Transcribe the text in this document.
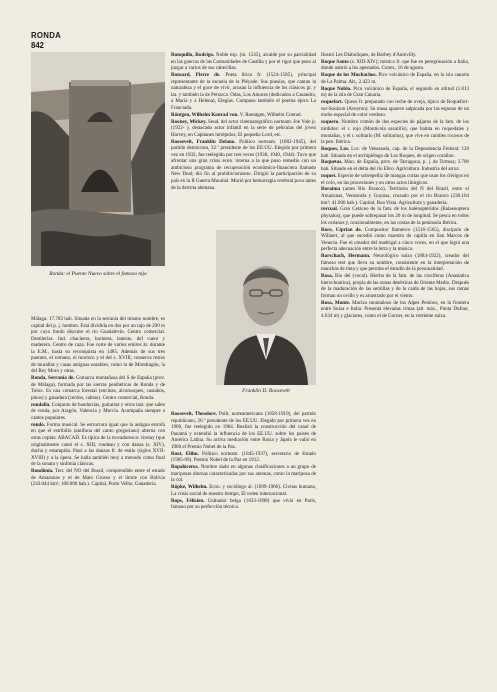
RONDA
842
Ronda: el Puente Nuevo sobre el famoso tajo

Málaga: 17.703 hab. Situada en la serranía del mismo nombre, es capital del p. j. hombm. Está dividida en dos por un tajo de 200 m por cuyo fondo discurre el río Guadalevín. Centro comercial. Destilerías. Ind. chacinera, harinera, laneras, del cuero y maderera. Centro de caza. Fue corte de varios emires ár. durante la E.M., hasta su reconquista en 1485. Además de sus tres puentes, el romano, el morisco y el del s. XVIII, conserva restos de murallas y casas antiguas notables, como la de Mondragón, la del Rey Moro y otras.

Ronda, Serranía de. Comarca montañosa del S de España (prov. de Málaga), formada por las sierras penibéticas de Ronda y de Tolox. Es una comarca forestal (encinas, alcornoques, castaños, pinos) y ganadera (cerdos, cabras). Centro comercial, Ronda.

rondalla. Conjunto de bandurrias, guitarras y otros inst. que salen de ronda, por Aragón, Valencia y Murcia. Acompaña siempre a cantos populares.

rondó. Forma musical. Se estructura igual que la antigua estrofa en que el estribillo (antífona del canto gregoriano) alterna con otras coplas: ABACAD. Es típica de la trovadoresca: virelay (que originalmente cantó el s. XIII, rondeau y con danza (s. XIV), ducha y estampida. Pasó a las danzas fr. de estilo (siglos XVII-XVIII) y a la ópera. Se halla también muy a menudo como final de la sonata y sinfonía clásicas.

Rondônia. Terr. del NO del Brasil, comprendido entre el estado de Amazonas y el de Mato Grosso y el límite con Bolivia (243.044 km²; 100.000 hab.). Capital, Porto Velho. Ganadería.

Ronquillo, Rodrigo. Noble esp. (m. 1545), alcalde por su parcialidad en las guerras de las Comunidades de Castilla y por el rigor que puso al juzgar a varios de sus cabecillas.

Ronsard, Pierre de. Poeta lírico fr. (1524-1585), principal representante de la escuela de la Pléyade. Sus poesías, que cantan la naturaleza y el goce de vivir, acusan la influencia de los clásicos gr. y lat. y también la de Petrarca. Odas, Los Amores (dedicados a Casandra, a María y a Helena), Elegías. Compuso también el poema épico La Franciada.

Röntgen, Wilhelm Konrad von. V. Roentgen, Wilhelm Conrad.

Rooney, Mickey. Seud. del actor cinematográfico norteam. Joe Yule jr. (1922- ), destacado actor infantil en la serie de películas del joven Harvey, en Capitanes intrépidos, El pequeño Lord, etc.

Roosevelt, Franklin Delano. Político norteam. (1882-1945), del partido demócrata, 32.º presidente de los EE.UU. Elegido por primera vez en 1932, fue reelegido por tres veces (1936, 1940, 1944). Tuvo que afrontar una gran crisis econ. interna a la que puso remedio con un ambicioso programa de recuperación económico-financiera llamado New Deal; dio fin al prohibicionismo. Dirigió la participación de su país en la II Guerra Mundial. Murió por hemorragia cerebral poco antes de la derrota alemana.

Franklin D. Roosevelt

Roosevelt, Theodore. Polít. norteamericano (1858-1919), del partido republicano, 26.º presidente de los EE.UU. Elegido por primera vez en 1900, fue reelegido en 1904. Realizó la construcción del canal de Panamá y extendió la influencia de los EE.UU. sobre los países de América Latina. Su activa mediación entre Rusia y Japón le valió en 1906 el Premio Nobel de la Paz.

Root, Elihu. Político norteam. (1845-1937), secretario de Estado (1905-09). Premio Nobel de la Paz en 1912.

Ropalóceros. Nombre dado en algunas clasificaciones a un grupo de mariposas diurnas caracterizadas por sus antenas, como la mariposa de la col.

Röpke, Wilhelm. Econ. y sociólogo al. (1899-1966). Civitas humana, La crisis social de nuestro tiempo, El orden internacional.

Rops, Félicien. Grabador belga (1833-1898) que vivió en París, famoso por su perfección técnica.

Ilustró Les Diaboliques, de Barbey d'Aurevilly.

Roque Santo (s. XIII-XIV); místico fr. que fue en peregrinación a Italia, donde asistió a los apestados. Conm., 16 de agosto.

Roque de los Muchachos. Pico volcánico de España, en la isla canaria de La Palma. Alt., 2.423 m.

Roque Nublo. Pico volcánico de España, el segundo en altitud (1.813 m) de la isla de Gran Canaria.

roquefort. Queso fr. preparado con leche de oveja, típico de Roquefort-sur-Soulzon (Aveyron). Su masa aparece salpicada por las esporas de un moho especial de color verdoso.

roquero. Nombre común de dos especies de pájaros de la fam. de los túrdidos: el r. rojo (Monticola saxatilis), que habita en roquedales y montañas, y el r. solitario (M. solitarius), que vive en cantiles rocosos de la pen. Ibérica.

Roques, Los. Loc. de Venezuela, cap. de la Dependencia Federal; 120 hab. Situada en el archipiélago de Los Roques, de origen coralino.

Roquetas. Mun. de España, prov. de Tarragona, p. j. de Tortosa; 3.706 hab. Situado en el delta del río Ebro. Agricultura. Industria del arroz.

roquet. Especie de sobrepelliz de mangas cortas que usan los clérigos en el coro, en las procesiones y en otros actos litúrgicos.

Roraima (antes Río Branco). Territorio del N del Brasil, entre el Amazonas, Venezuela y Guyana, cruzado por el río Branco (230.104 km²; 41.000 hab.). Capital, Boa Vista. Agricultura y ganadería.

rorcual. Gran Cetáceo de la fam. de los balenoptéridos (Balaenoptera physalus), que puede sobrepasar los 20 m de longitud. Se pesca en todos los océanos y, ocasionalmente, en las costas de la península Ibérica.

Rore, Ciprian de. Compositor flamenco (1516-1565), discípulo de Willaert, al que sucedió como maestro de capilla en San Marcos de Venecia. Fue el creador del madrigal a cinco voces, en el que logró una perfecta adecuación entre la letra y la música.

Rorschach, Hermann. Neurológico suizo (1884-1922), creador del famoso test que lleva su nombre, consistente en la interpretación de manchas de tinta y que permite el estudio de la personalidad.

Rosa, Río del (vocal). Hierba de la fam. de las crucíferas (Anastatica hierochuntica), propia de las zonas desérticas de Oriente Medio. Después de la maduración de las semillas y de la caída de las hojas, sus ramas forman un ovillo y es arrastrado por el viento.

Rosa, Monte. Macizo montañoso de los Alpes Peninos, en la frontera entre Suiza e Italia. Presenta elevadas cimas (alt. máx., Punta Dufour, 4.634 m) y glaciares, como el de Gorner, en la vertiente suiza.
